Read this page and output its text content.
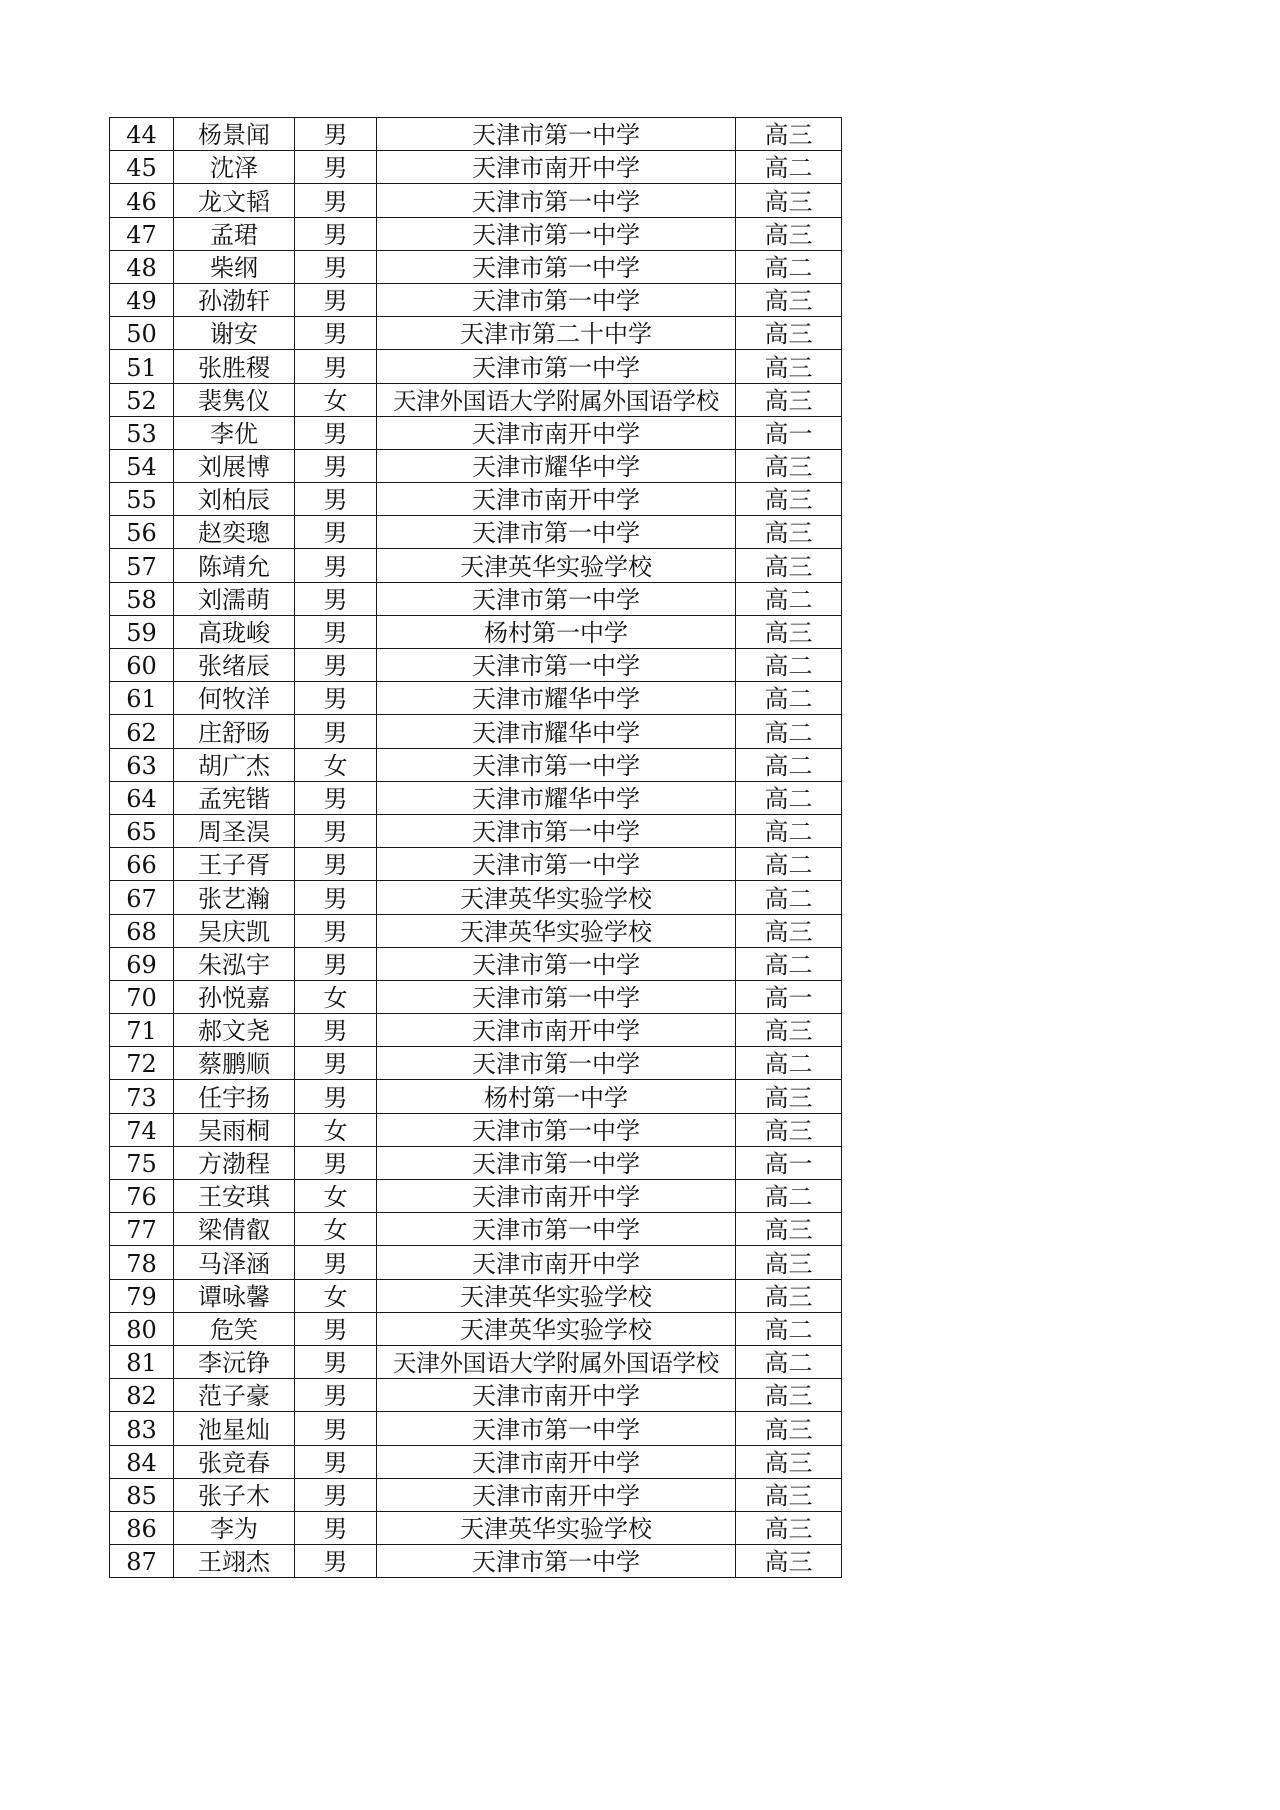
44	杨景闻	男	天津市第一中学	高三
45	沈泽	男	天津市南开中学	高二
46	龙文韬	男	天津市第一中学	高三
47	孟珺	男	天津市第一中学	高三
48	柴纲	男	天津市第一中学	高二
49	孙渤轩	男	天津市第一中学	高三
50	谢安	男	天津市第二十中学	高三
51	张胜稷	男	天津市第一中学	高三
52	裴隽仪	女	天津外国语大学附属外国语学校	高三
53	李优	男	天津市南开中学	高一
54	刘展博	男	天津市耀华中学	高三
55	刘柏辰	男	天津市南开中学	高三
56	赵奕璁	男	天津市第一中学	高三
57	陈靖允	男	天津英华实验学校	高三
58	刘濡萌	男	天津市第一中学	高二
59	高珑峻	男	杨村第一中学	高三
60	张绪辰	男	天津市第一中学	高二
61	何牧洋	男	天津市耀华中学	高二
62	庄舒旸	男	天津市耀华中学	高二
63	胡广杰	女	天津市第一中学	高二
64	孟宪锴	男	天津市耀华中学	高二
65	周圣淏	男	天津市第一中学	高二
66	王子胥	男	天津市第一中学	高二
67	张艺瀚	男	天津英华实验学校	高二
68	吴庆凯	男	天津英华实验学校	高三
69	朱泓宇	男	天津市第一中学	高二
70	孙悦嘉	女	天津市第一中学	高一
71	郝文尧	男	天津市南开中学	高三
72	蔡鹏顺	男	天津市第一中学	高二
73	任宇扬	男	杨村第一中学	高三
74	吴雨桐	女	天津市第一中学	高三
75	方渤程	男	天津市第一中学	高一
76	王安琪	女	天津市南开中学	高二
77	梁倩叡	女	天津市第一中学	高三
78	马泽涵	男	天津市南开中学	高三
79	谭咏馨	女	天津英华实验学校	高三
80	危笑	男	天津英华实验学校	高二
81	李沅铮	男	天津外国语大学附属外国语学校	高二
82	范子豪	男	天津市南开中学	高三
83	池星灿	男	天津市第一中学	高三
84	张竞春	男	天津市南开中学	高三
85	张子木	男	天津市南开中学	高三
86	李为	男	天津英华实验学校	高三
87	王翊杰	男	天津市第一中学	高三
